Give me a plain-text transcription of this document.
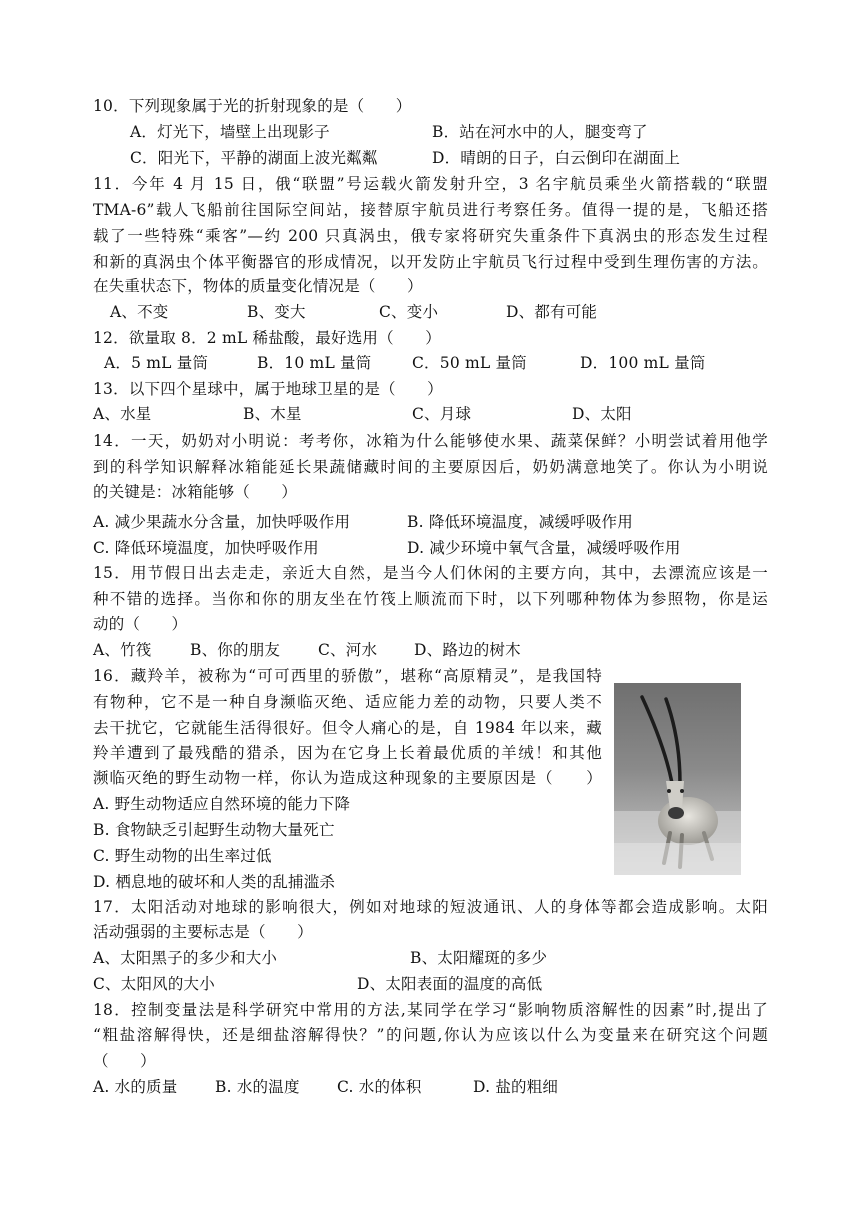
10．下列现象属于光的折射现象的是（　　）
A．灯光下，墙壁上出现影子	B．站在河水中的人，腿变弯了
C．阳光下，平静的湖面上波光粼粼	D．晴朗的日子，白云倒印在湖面上
11．今年 4 月 15 日，俄“联盟”号运载火箭发射升空，3 名宇航员乘坐火箭搭载的“联盟
TMA-6”载人飞船前往国际空间站，接替原宇航员进行考察任务。值得一提的是，飞船还搭
载了一些特殊“乘客”—约 200 只真涡虫，俄专家将研究失重条件下真涡虫的形态发生过程
和新的真涡虫个体平衡器官的形成情况，以开发防止宇航员飞行过程中受到生理伤害的方法。
在失重状态下，物体的质量变化情况是（　　）
A、不变	B、变大	C、变小	D、都有可能
12．欲量取 8．2 mL 稀盐酸，最好选用（　　）
A．5 mL 量筒	B．10 mL 量筒	C．50 mL 量筒	D．100 mL 量筒
13．以下四个星球中，属于地球卫星的是（　　）
A、水星	B、木星	C、月球	D、太阳
14．一天，奶奶对小明说：考考你，冰箱为什么能够使水果、蔬菜保鲜？小明尝试着用他学
到的科学知识解释冰箱能延长果蔬储藏时间的主要原因后，奶奶满意地笑了。你认为小明说
的关键是：冰箱能够（　　）
A. 减少果蔬水分含量，加快呼吸作用	B. 降低环境温度，减缓呼吸作用
C. 降低环境温度，加快呼吸作用	D. 减少环境中氧气含量，减缓呼吸作用
15．用节假日出去走走，亲近大自然，是当今人们休闲的主要方向，其中，去漂流应该是一
种不错的选择。当你和你的朋友坐在竹筏上顺流而下时，以下列哪种物体为参照物，你是运
动的（　　）
A、竹筏 B、你的朋友 C、河水 D、路边的树木
16．藏羚羊，被称为“可可西里的骄傲”，堪称“高原精灵”，是我国特
有物种，它不是一种自身濒临灭绝、适应能力差的动物，只要人类不
去干扰它，它就能生活得很好。但令人痛心的是，自 1984 年以来，藏
羚羊遭到了最残酷的猎杀，因为在它身上长着最优质的羊绒！和其他
濒临灭绝的野生动物一样，你认为造成这种现象的主要原因是（　　）
A. 野生动物适应自然环境的能力下降
B. 食物缺乏引起野生动物大量死亡
C. 野生动物的出生率过低
D. 栖息地的破坏和人类的乱捕滥杀
17．太阳活动对地球的影响很大，例如对地球的短波通讯、人的身体等都会造成影响。太阳
活动强弱的主要标志是（　　）
A、太阳黑子的多少和大小	B、太阳耀斑的多少
C、太阳风的大小	D、太阳表面的温度的高低
18．控制变量法是科学研究中常用的方法,某同学在学习“影响物质溶解性的因素”时,提出了
“粗盐溶解得快，还是细盐溶解得快？”的问题,你认为应该以什么为变量来在研究这个问题
（　　）
A. 水的质量 B. 水的温度 C. 水的体积	D. 盐的粗细
